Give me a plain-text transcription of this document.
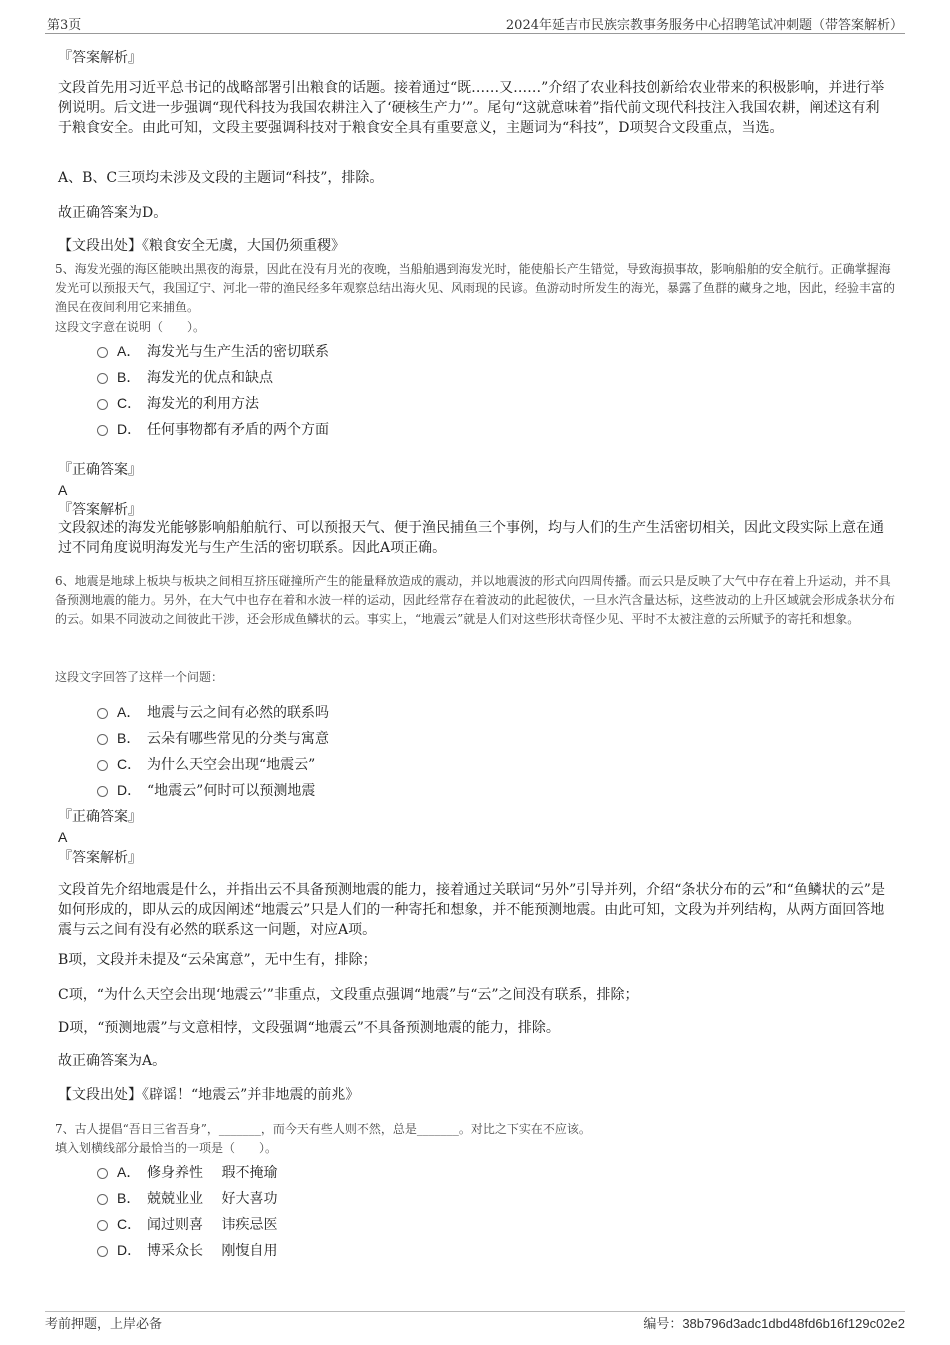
第3页	2024年延吉市民族宗教事务服务中心招聘笔试冲刺题（带答案解析）
『答案解析』
文段首先用习近平总书记的战略部署引出粮食的话题。接着通过“既……又……”介绍了农业科技创新给农业带来的积极影响，并进行举例说明。后文进一步强调“现代科技为我国农耕注入了‘硬核生产力’”。尾句“这就意味着”指代前文现代科技注入我国农耕，阐述这有利于粮食安全。由此可知，文段主要强调科技对于粮食安全具有重要意义，主题词为“科技”，D项契合文段重点，当选。
A、B、C三项均未涉及文段的主题词“科技”，排除。
故正确答案为D。
【文段出处】《粮食安全无虞，大国仍须重稷》
5、海发光强的海区能映出黑夜的海景，因此在没有月光的夜晚，当船舶遇到海发光时，能使船长产生错觉，导致海损事故，影响船舶的安全航行。正确掌握海发光可以预报天气，我国辽宁、河北一带的渔民经多年观察总结出海火见、风雨现的民谚。鱼游动时所发生的海光，暴露了鱼群的藏身之地，因此，经验丰富的渔民在夜间利用它来捕鱼。
这段文字意在说明（　　）。
A． 海发光与生产生活的密切联系
B． 海发光的优点和缺点
C． 海发光的利用方法
D． 任何事物都有矛盾的两个方面
『正确答案』
A
『答案解析』
文段叙述的海发光能够影响船舶航行、可以预报天气、便于渔民捕鱼三个事例，均与人们的生产生活密切相关，因此文段实际上意在通过不同角度说明海发光与生产生活的密切联系。因此A项正确。
6、地震是地球上板块与板块之间相互挤压碰撞所产生的能量释放造成的震动，并以地震波的形式向四周传播。而云只是反映了大气中存在着上升运动，并不具备预测地震的能力。另外，在大气中也存在着和水波一样的运动，因此经常存在着波动的此起彼伏，一旦水汽含量达标，这些波动的上升区域就会形成条状分布的云。如果不同波动之间彼此干涉，还会形成鱼鳞状的云。事实上，“地震云”就是人们对这些形状奇怪少见、平时不太被注意的云所赋予的寄托和想象。
这段文字回答了这样一个问题：
A． 地震与云之间有必然的联系吗
B． 云朵有哪些常见的分类与寓意
C． 为什么天空会出现“地震云”
D． “地震云”何时可以预测地震
『正确答案』
A
『答案解析』
文段首先介绍地震是什么，并指出云不具备预测地震的能力，接着通过关联词“另外”引导并列，介绍“条状分布的云”和“鱼鳞状的云”是如何形成的，即从云的成因阐述“地震云”只是人们的一种寄托和想象，并不能预测地震。由此可知，文段为并列结构，从两方面回答地震与云之间有没有必然的联系这一问题，对应A项。
B项，文段并未提及“云朵寓意”，无中生有，排除；
C项，“为什么天空会出现‘地震云’”非重点，文段重点强调“地震”与“云”之间没有联系，排除；
D项，“预测地震”与文意相悖，文段强调“地震云”不具备预测地震的能力，排除。
故正确答案为A。
【文段出处】《辟谣！“地震云”并非地震的前兆》
7、古人提倡“吾日三省吾身”，_______，而今天有些人则不然，总是_______。对比之下实在不应该。
填入划横线部分最恰当的一项是（　　）。
A． 修身养性　 瑕不掩瑜
B． 兢兢业业　 好大喜功
C． 闻过则喜　 讳疾忌医
D． 博采众长　 刚愎自用
考前押题，上岸必备	编号：38b796d3adc1dbd48fd6b16f129c02e2
